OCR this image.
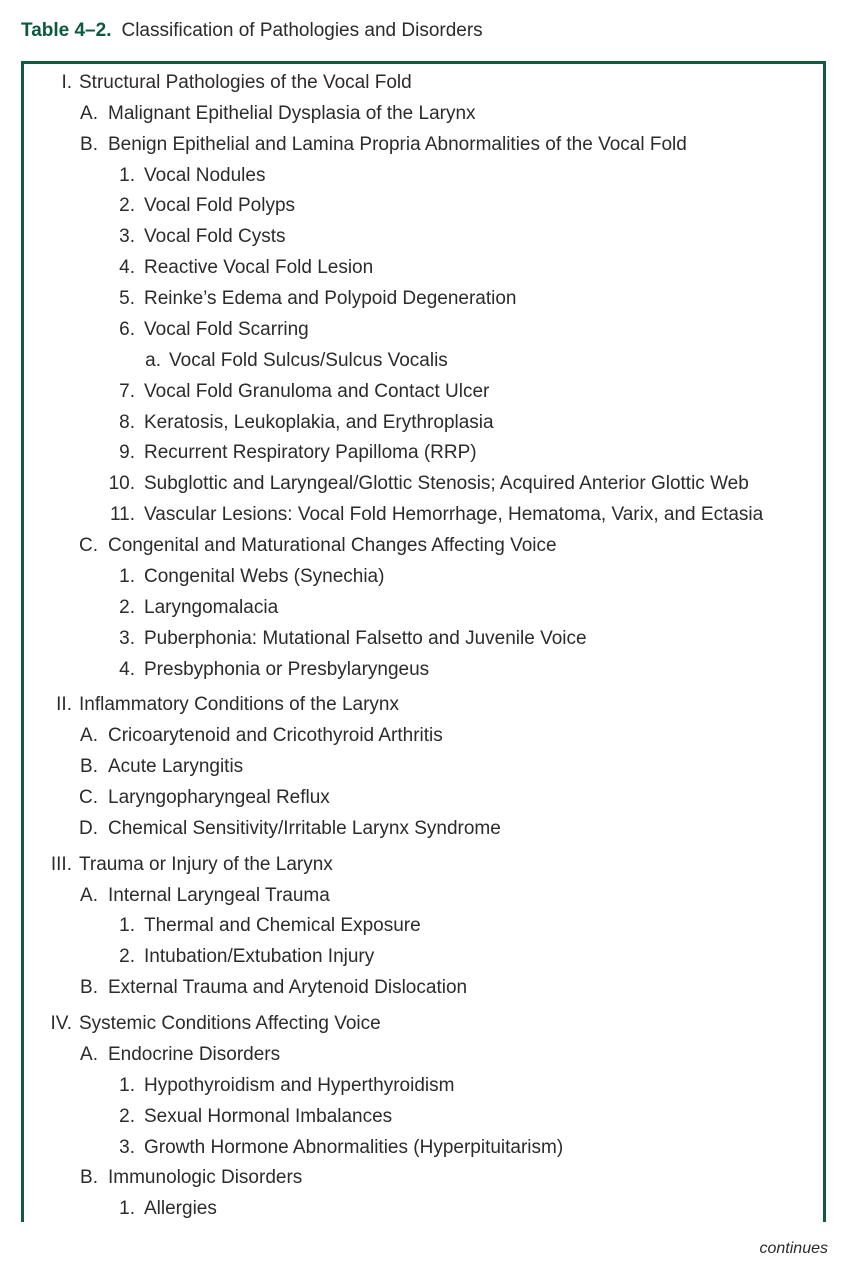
Table 4–2. Classification of Pathologies and Disorders
I. Structural Pathologies of the Vocal Fold
A. Malignant Epithelial Dysplasia of the Larynx
B. Benign Epithelial and Lamina Propria Abnormalities of the Vocal Fold
1. Vocal Nodules
2. Vocal Fold Polyps
3. Vocal Fold Cysts
4. Reactive Vocal Fold Lesion
5. Reinke’s Edema and Polypoid Degeneration
6. Vocal Fold Scarring
a. Vocal Fold Sulcus/Sulcus Vocalis
7. Vocal Fold Granuloma and Contact Ulcer
8. Keratosis, Leukoplakia, and Erythroplasia
9. Recurrent Respiratory Papilloma (RRP)
10. Subglottic and Laryngeal/Glottic Stenosis; Acquired Anterior Glottic Web
11. Vascular Lesions: Vocal Fold Hemorrhage, Hematoma, Varix, and Ectasia
C. Congenital and Maturational Changes Affecting Voice
1. Congenital Webs (Synechia)
2. Laryngomalacia
3. Puberphonia: Mutational Falsetto and Juvenile Voice
4. Presbyphonia or Presbylaryngeus
II. Inflammatory Conditions of the Larynx
A. Cricoarytenoid and Cricothyroid Arthritis
B. Acute Laryngitis
C. Laryngopharyngeal Reflux
D. Chemical Sensitivity/Irritable Larynx Syndrome
III. Trauma or Injury of the Larynx
A. Internal Laryngeal Trauma
1. Thermal and Chemical Exposure
2. Intubation/Extubation Injury
B. External Trauma and Arytenoid Dislocation
IV. Systemic Conditions Affecting Voice
A. Endocrine Disorders
1. Hypothyroidism and Hyperthyroidism
2. Sexual Hormonal Imbalances
3. Growth Hormone Abnormalities (Hyperpituitarism)
B. Immunologic Disorders
1. Allergies
continues
